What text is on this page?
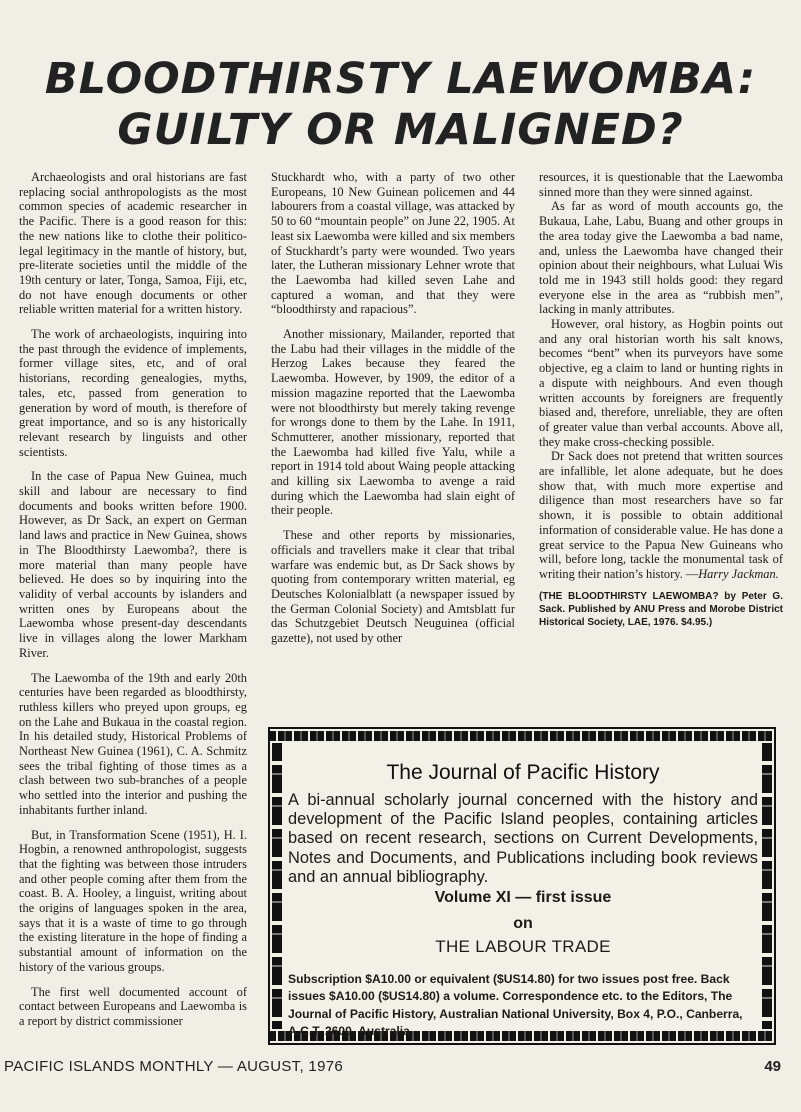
BLOODTHIRSTY LAEWOMBA:
GUILTY OR MALIGNED?

Archaeologists and oral historians are fast replacing social anthropologists as the most common species of academic researcher in the Pacific. There is a good reason for this: the new nations like to clothe their politico-legal legitimacy in the mantle of history, but, pre-literate societies until the middle of the 19th century or later, Tonga, Samoa, Fiji, etc, do not have enough documents or other reliable written material for a written history.

The work of archaeologists, inquiring into the past through the evidence of implements, former village sites, etc, and of oral historians, recording genealogies, myths, tales, etc, passed from generation to generation by word of mouth, is therefore of great importance, and so is any historically relevant research by linguists and other scientists.

In the case of Papua New Guinea, much skill and labour are necessary to find documents and books written before 1900. However, as Dr Sack, an expert on German land laws and practice in New Guinea, shows in The Bloodthirsty Laewomba?, there is more material than many people have believed. He does so by inquiring into the validity of verbal accounts by islanders and written ones by Europeans about the Laewomba whose present-day descendants live in villages along the lower Markham River.

The Laewomba of the 19th and early 20th centuries have been regarded as bloodthirsty, ruthless killers who preyed upon groups, eg on the Lahe and Bukaua in the coastal region. In his detailed study, Historical Problems of Northeast New Guinea (1961), C. A. Schmitz sees the tribal fighting of those times as a clash between two sub-branches of a people who settled into the interior and pushing the inhabitants further inland.

But, in Transformation Scene (1951), H. I. Hogbin, a renowned anthropologist, suggests that the fighting was between those intruders and other people coming after them from the coast. B. A. Hooley, a linguist, writing about the origins of languages spoken in the area, says that it is a waste of time to go through the existing literature in the hope of finding a substantial amount of information on the history of the various groups.

The first well documented account of contact between Europeans and Laewomba is a report by district commissioner

Stuckhardt who, with a party of two other Europeans, 10 New Guinean policemen and 44 labourers from a coastal village, was attacked by 50 to 60 “mountain people” on June 22, 1905. At least six Laewomba were killed and six members of Stuckhardt’s party were wounded. Two years later, the Lutheran missionary Lehner wrote that the Laewomba had killed seven Lahe and captured a woman, and that they were “bloodthirsty and rapacious”.

Another missionary, Mailander, reported that the Labu had their villages in the middle of the Herzog Lakes because they feared the Laewomba. However, by 1909, the editor of a mission magazine reported that the Laewomba were not bloodthirsty but merely taking revenge for wrongs done to them by the Lahe. In 1911, Schmutterer, another missionary, reported that the Laewomba had killed five Yalu, while a report in 1914 told about Waing people attacking and killing six Laewomba to avenge a raid during which the Laewomba had slain eight of their people.

These and other reports by missionaries, officials and travellers make it clear that tribal warfare was endemic but, as Dr Sack shows by quoting from contemporary written material, eg Deutsches Kolonialblatt (a newspaper issued by the German Colonial Society) and Amtsblatt fur das Schutzgebiet Deutsch Neuguinea (official gazette), not used by other

resources, it is questionable that the Laewomba sinned more than they were sinned against.

As far as word of mouth accounts go, the Bukaua, Lahe, Labu, Buang and other groups in the area today give the Laewomba a bad name, and, unless the Laewomba have changed their opinion about their neighbours, what Luluai Wis told me in 1943 still holds good: they regard everyone else in the area as “rubbish men”, lacking in manly attributes.

However, oral history, as Hogbin points out and any oral historian worth his salt knows, becomes “bent” when its purveyors have some objective, eg a claim to land or hunting rights in a dispute with neighbours. And even though written accounts by foreigners are frequently biased and, therefore, unreliable, they are often of greater value than verbal accounts. Above all, they make cross-checking possible.

Dr Sack does not pretend that written sources are infallible, let alone adequate, but he does show that, with much more expertise and diligence than most researchers have so far shown, it is possible to obtain additional information of considerable value. He has done a great service to the Papua New Guineans who will, before long, tackle the monumental task of writing their nation’s history. —Harry Jackman.

(THE BLOODTHIRSTY LAEWOMBA? by Peter G. Sack. Published by ANU Press and Morobe District Historical Society, LAE, 1976. $4.95.)

The Journal of Pacific History

A bi-annual scholarly journal concerned with the history and development of the Pacific Island peoples, containing articles based on recent research, sections on Current Developments, Notes and Documents, and Publications including book reviews and an annual bibliography.

Volume XI — first issue
on
THE LABOUR TRADE

Subscription $A10.00 or equivalent ($US14.80) for two issues post free. Back issues $A10.00 ($US14.80) a volume. Correspondence etc. to the Editors, The Journal of Pacific History, Australian National University, Box 4, P.O., Canberra, A.C.T. 2600, Australia.

PACIFIC ISLANDS MONTHLY — AUGUST, 1976	49
